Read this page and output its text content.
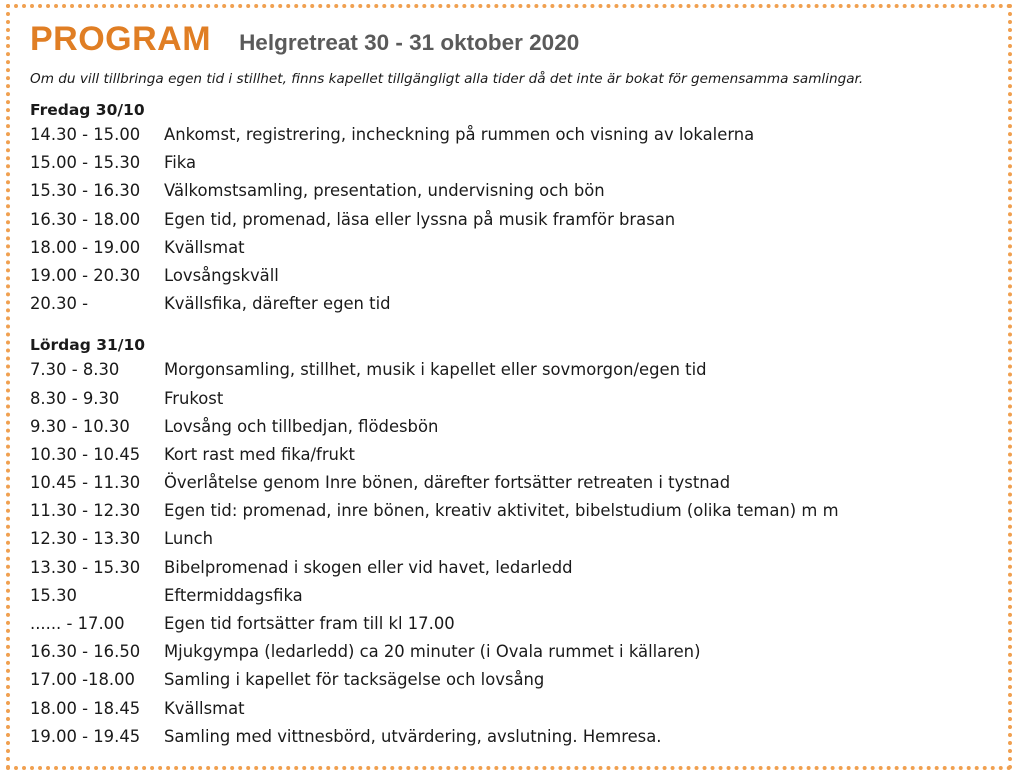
PROGRAM Helgretreat 30 - 31 oktober 2020
Om du vill tillbringa egen tid i stillhet, finns kapellet tillgängligt alla tider då det inte är bokat för gemensamma samlingar.
Fredag 30/10
14.30 - 15.00	Ankomst, registrering, incheckning på rummen och visning av lokalerna
15.00 - 15.30	Fika
15.30 - 16.30	Välkomstsamling, presentation, undervisning och bön
16.30 - 18.00	Egen tid, promenad, läsa eller lyssna på musik framför brasan
18.00 - 19.00	Kvällsmat
19.00 - 20.30	Lovsångskväll
20.30 -	Kvällsfika, därefter egen tid
Lördag 31/10
7.30 - 8.30	Morgonsamling, stillhet, musik i kapellet eller sovmorgon/egen tid
8.30 - 9.30	Frukost
9.30 - 10.30	Lovsång och tillbedjan, flödesbön
10.30 - 10.45	Kort rast med fika/frukt
10.45 - 11.30	Överlåtelse genom Inre bönen, därefter fortsätter retreaten i tystnad
11.30 - 12.30	Egen tid: promenad, inre bönen, kreativ aktivitet, bibelstudium (olika teman) m m
12.30 - 13.30	Lunch
13.30 - 15.30	Bibelpromenad i skogen eller vid havet, ledarledd
15.30	Eftermiddagsfika
...... - 17.00	Egen tid fortsätter fram till kl 17.00
16.30 - 16.50	Mjukgympa (ledarledd) ca 20 minuter (i Ovala rummet i källaren)
17.00 -18.00	Samling i kapellet för tacksägelse och lovsång
18.00 - 18.45	Kvällsmat
19.00 - 19.45	Samling med vittnesbörd, utvärdering, avslutning. Hemresa.
